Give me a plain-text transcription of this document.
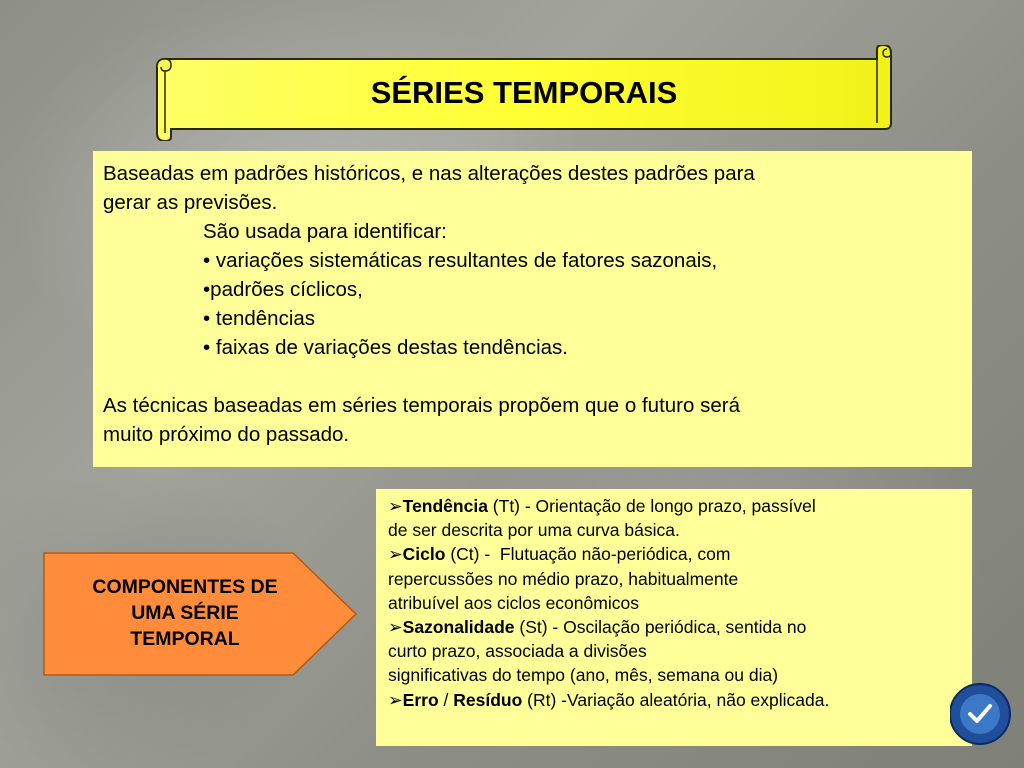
SÉRIES TEMPORAIS
Baseadas em padrões históricos, e nas alterações destes padrões para
gerar as previsões.
São usada para identificar:
• variações sistemáticas resultantes de fatores sazonais,
•padrões cíclicos,
• tendências
• faixas de variações destas tendências.
As técnicas baseadas em séries temporais propõem que o futuro será
muito próximo do passado.
COMPONENTES DE
UMA SÉRIE
TEMPORAL
➢Tendência (Tt) - Orientação de longo prazo, passível
de ser descrita por uma curva básica.
➢Ciclo (Ct) -  Flutuação não-periódica, com
repercussões no médio prazo, habitualmente
atribuível aos ciclos econômicos
➢Sazonalidade (St) - Oscilação periódica, sentida no
curto prazo, associada a divisões
significativas do tempo (ano, mês, semana ou dia)
➢Erro / Resíduo (Rt) -Variação aleatória, não explicada.
